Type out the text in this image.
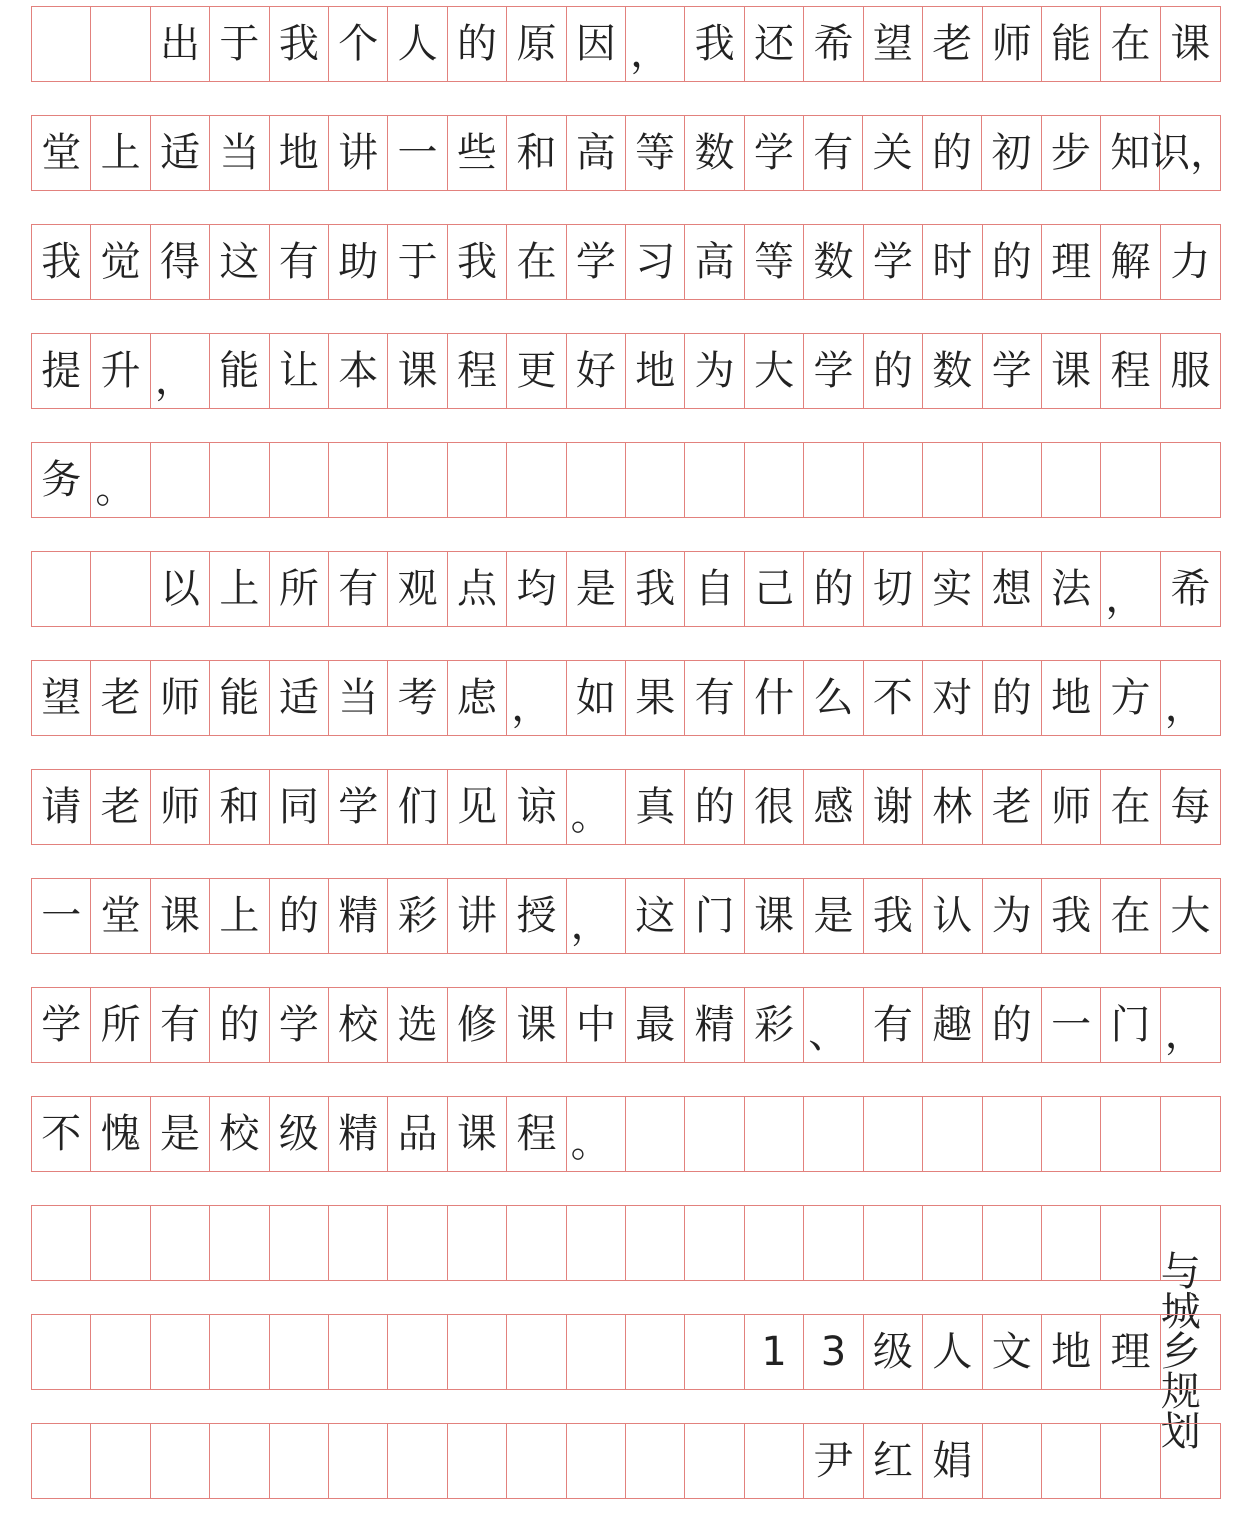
出 于 我 个 人 的 原 因 ， 我 还 希 望 老 师 能 在 课
堂 上 适 当 地 讲 一 些 和 高 等 数 学 有 关 的 初 步 知 识，
我 觉 得 这 有 助 于 我 在 学 习 高 等 数 学 时 的 理 解 力
提 升 ， 能 让 本 课 程 更 好 地 为 大 学 的 数 学 课 程 服
务 。
以 上 所 有 观 点 均 是 我 自 己 的 切 实 想 法 ， 希
望 老 师 能 适 当 考 虑 ， 如 果 有 什 么 不 对 的 地 方 ，
请 老 师 和 同 学 们 见 谅 。 真 的 很 感 谢 林 老 师 在 每
一 堂 课 上 的 精 彩 讲 授 ， 这 门 课 是 我 认 为 我 在 大
学 所 有 的 学 校 选 修 课 中 最 精 彩 、 有 趣 的 一 门 ，
不 愧 是 校 级 精 品 课 程 。
1 3 级 人 文 地 理
与城乡规划
尹 红 娟
